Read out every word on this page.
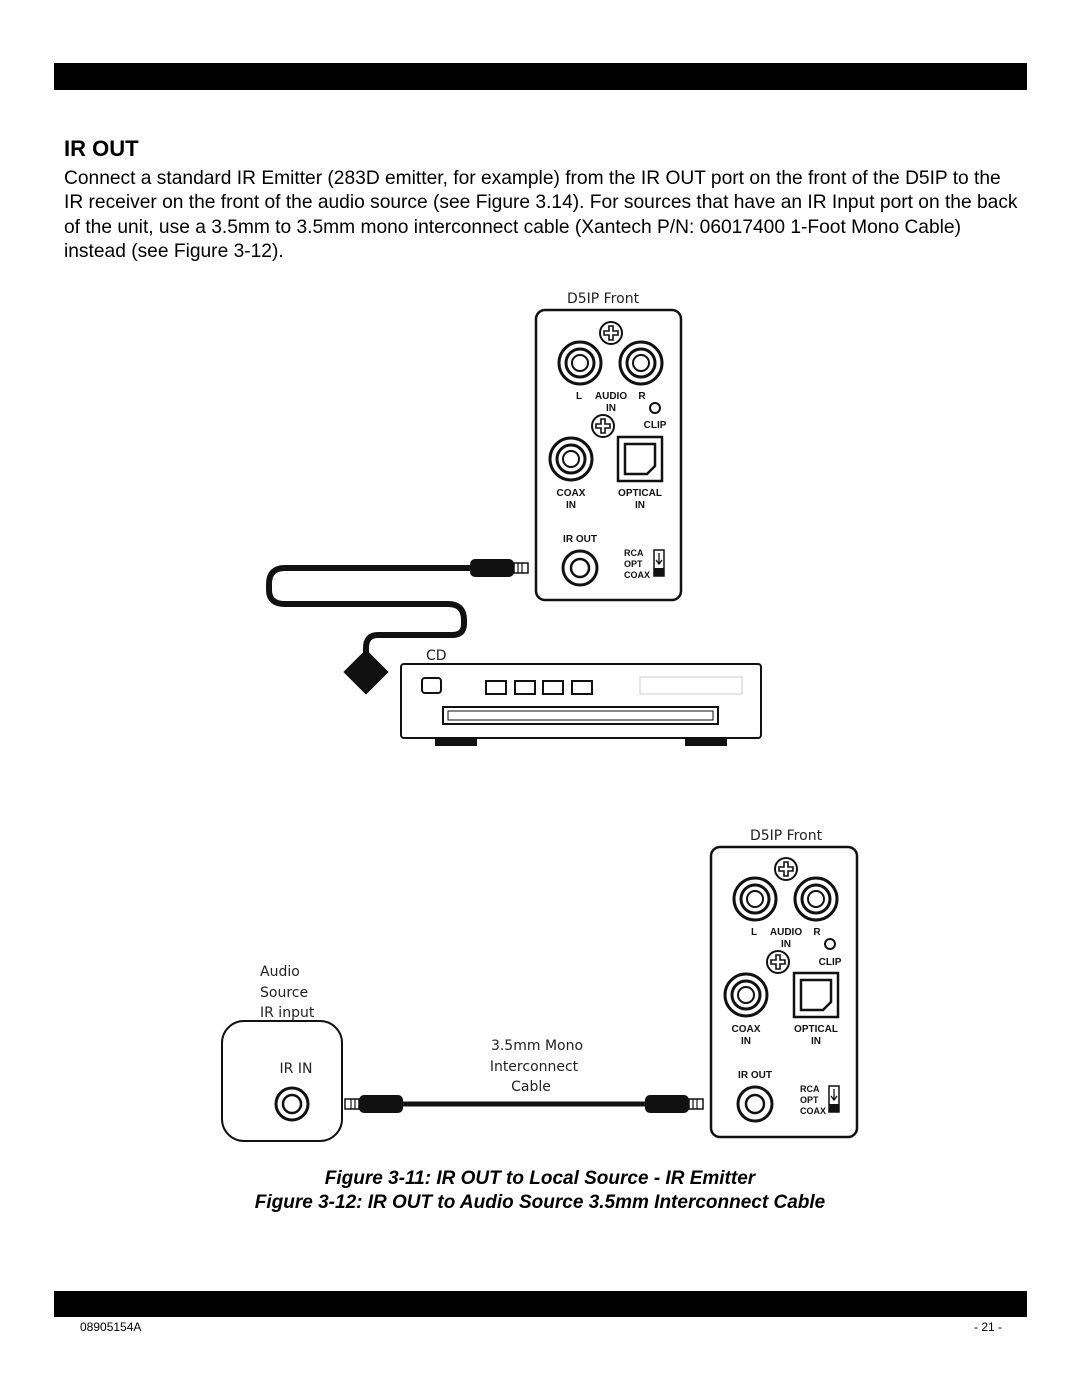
IR OUT

Connect a standard IR Emitter (283D emitter, for example) from the IR OUT port on the front of the D5IP to the IR receiver on the front of the audio source (see Figure 3.14). For sources that have an IR Input port on the back of the unit, use a 3.5mm to 3.5mm mono interconnect cable (Xantech P/N: 06017400 1-Foot Mono Cable) instead (see Figure 3-12).

D5IP Front
L AUDIO R
IN
CLIP
COAX
IN
OPTICAL
IN
IR OUT
RCA
OPT
COAX
CD
D5IP Front
L AUDIO R
IN
CLIP
COAX
IN
OPTICAL
IN
IR OUT
RCA
OPT
COAX
Audio
Source
IR input
IR IN
3.5mm Mono
Interconnect
Cable
Figure 3-11: IR OUT to Local Source - IR Emitter
Figure 3-12: IR OUT to Audio Source 3.5mm Interconnect Cable
08905154A	- 21 -
